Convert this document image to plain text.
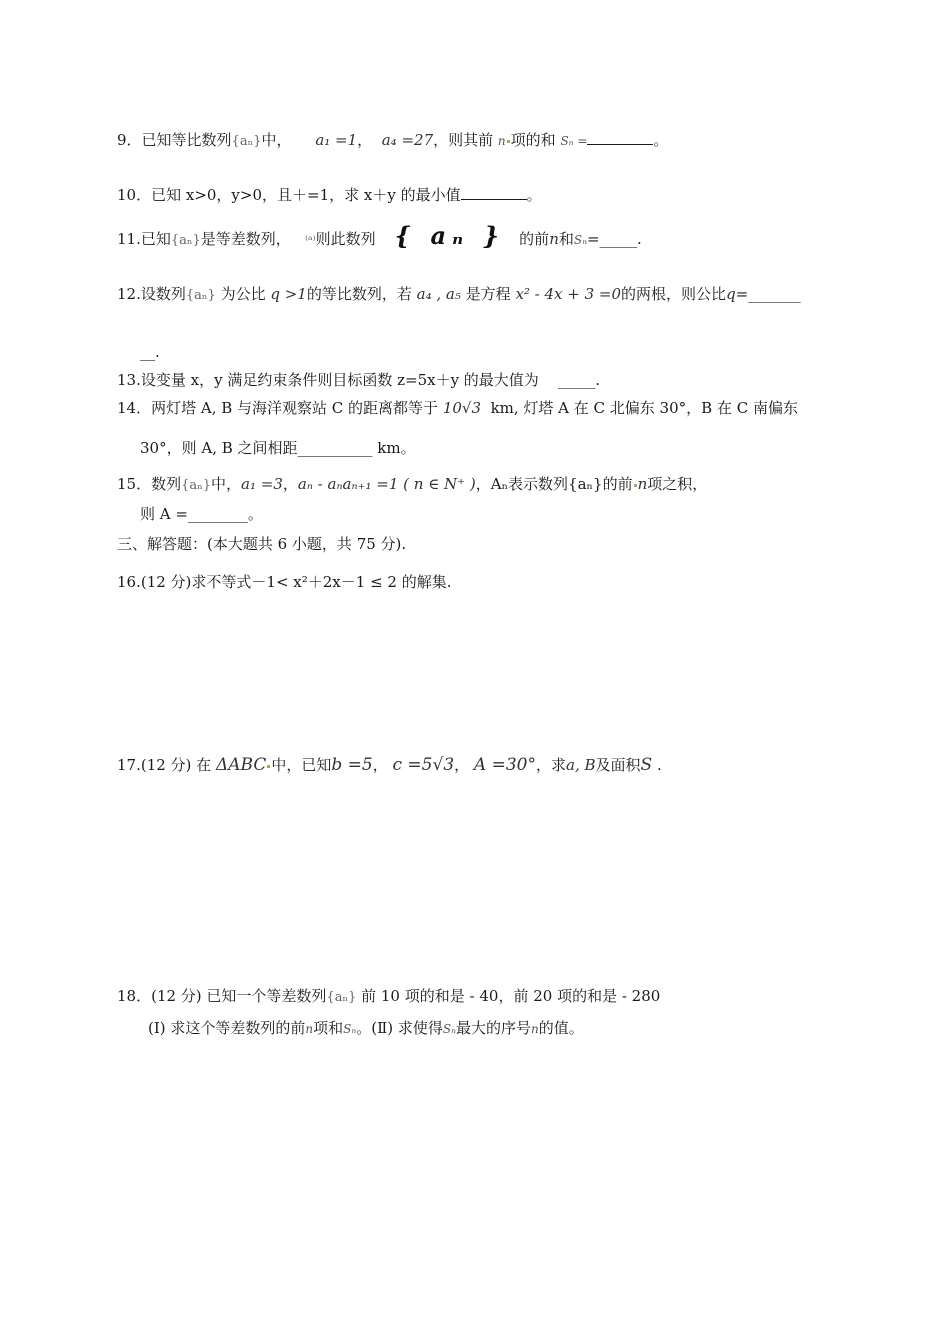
9．已知等比数列{aₙ}中， a₁ =1， a₄ =27，则其前 n 项的和 Sₙ =	。
10．已知 x>0，y>0，且＋=1，求 x＋y 的最小值	。
11.已知{aₙ}是等差数列， ⁽ᵃ⁾则此数列 { aₙ } 的前n和Sₙ=_____.
12.设数列{aₙ} 为公比 q >1的等比数列，若 a₄ , a₅ 是方程 x² - 4x + 3 =0的两根，则公比q=_______
__.
13.设变量 x，y 满足约束条件则目标函数 z=5x＋y 的最大值为 _____.
14．两灯塔 A, B 与海洋观察站 C 的距离都等于 10√3 km, 灯塔 A 在 C 北偏东 30°，B 在 C 南偏东
30°，则 A, B 之间相距__________ km。
15．数列{aₙ}中，a₁ =3，aₙ - aₙaₙ₊₁ =1 ( n ∈ N⁺ )，Aₙ表示数列{aₙ}的前 n项之积，
则 A =________。
三、解答题：(本大题共 6 小题，共 75 分).
16.(12 分)求不等式－1< x²＋2x－1 ≤ 2 的解集.
17.(12 分) 在 ΔABC 中，已知b =5， c =5√3， A =30°，求a, B及面积S .
18．(12 分) 已知一个等差数列{aₙ} 前 10 项的和是 - 40，前 20 项的和是 - 280
(Ⅰ) 求这个等差数列的前n项和Sₙ。(Ⅱ) 求使得Sₙ最大的序号n的值。
